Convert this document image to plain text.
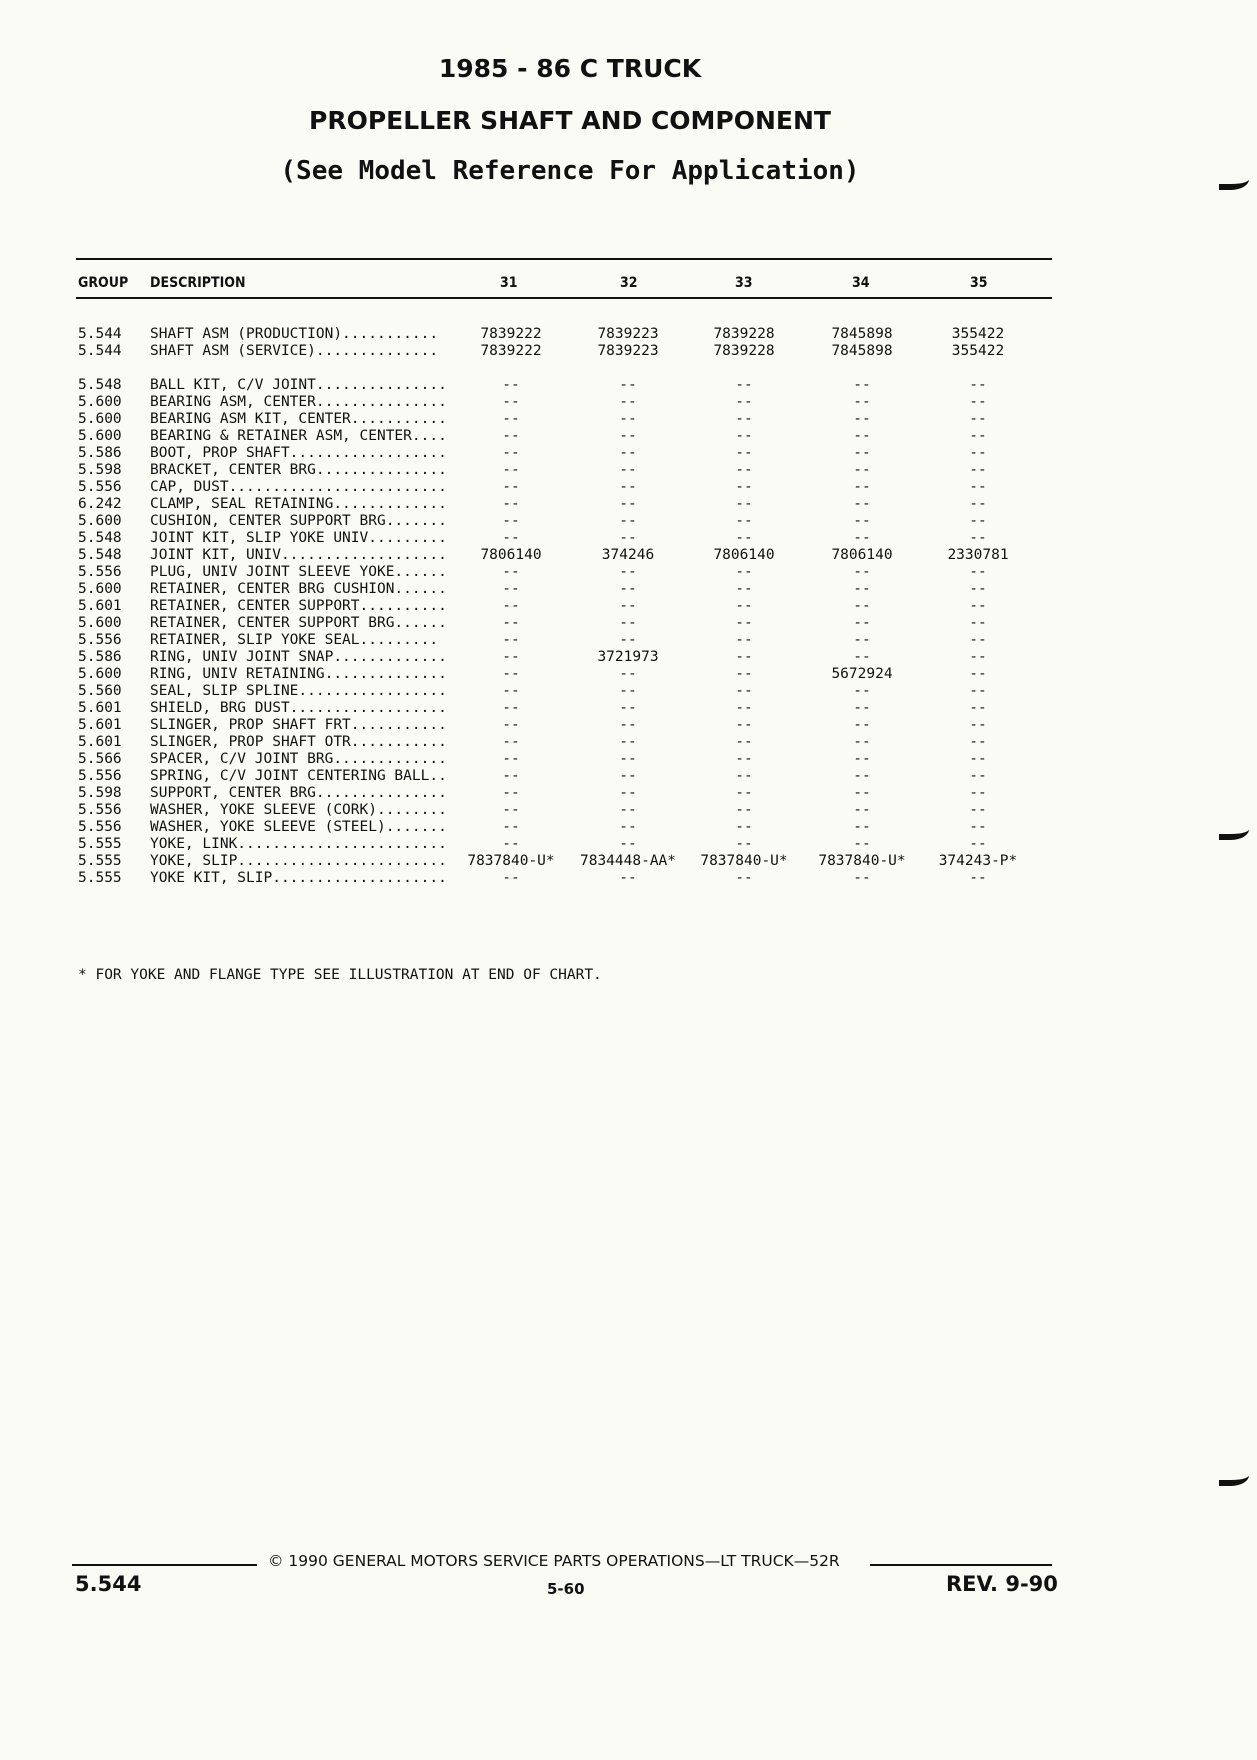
1985 - 86 C TRUCK
PROPELLER SHAFT AND COMPONENT
(See Model Reference For Application)
GROUP DESCRIPTION	31	32	33	34	35
5.544 SHAFT ASM (PRODUCTION)...........	7839222	7839223	7839228	7845898	355422
5.544 SHAFT ASM (SERVICE)..............	7839222	7839223	7839228	7845898	355422
5.548 BALL KIT, C/V JOINT...............	--	--	--	--	--
5.600 BEARING ASM, CENTER...............	--	--	--	--	--
5.600 BEARING ASM KIT, CENTER...........	--	--	--	--	--
5.600 BEARING & RETAINER ASM, CENTER....	--	--	--	--	--
5.586 BOOT, PROP SHAFT..................	--	--	--	--	--
5.598 BRACKET, CENTER BRG...............	--	--	--	--	--
5.556 CAP, DUST.........................	--	--	--	--	--
6.242 CLAMP, SEAL RETAINING.............	--	--	--	--	--
5.600 CUSHION, CENTER SUPPORT BRG.......	--	--	--	--	--
5.548 JOINT KIT, SLIP YOKE UNIV.........	--	--	--	--	--
5.548 JOINT KIT, UNIV...................	7806140	374246	7806140	7806140	2330781
5.556 PLUG, UNIV JOINT SLEEVE YOKE......	--	--	--	--	--
5.600 RETAINER, CENTER BRG CUSHION......	--	--	--	--	--
5.601 RETAINER, CENTER SUPPORT..........	--	--	--	--	--
5.600 RETAINER, CENTER SUPPORT BRG......	--	--	--	--	--
5.556 RETAINER, SLIP YOKE SEAL.........	--	--	--	--	--
5.586 RING, UNIV JOINT SNAP.............	--	3721973	--	--	--
5.600 RING, UNIV RETAINING..............	--	--	--	5672924	--
5.560 SEAL, SLIP SPLINE.................	--	--	--	--	--
5.601 SHIELD, BRG DUST..................	--	--	--	--	--
5.601 SLINGER, PROP SHAFT FRT...........	--	--	--	--	--
5.601 SLINGER, PROP SHAFT OTR...........	--	--	--	--	--
5.566 SPACER, C/V JOINT BRG.............	--	--	--	--	--
5.556 SPRING, C/V JOINT CENTERING BALL..	--	--	--	--	--
5.598 SUPPORT, CENTER BRG...............	--	--	--	--	--
5.556 WASHER, YOKE SLEEVE (CORK)........	--	--	--	--	--
5.556 WASHER, YOKE SLEEVE (STEEL).......	--	--	--	--	--
5.555 YOKE, LINK........................	--	--	--	--	--
5.555 YOKE, SLIP........................	7837840-U*	7834448-AA*	7837840-U*	7837840-U*	374243-P*
5.555 YOKE KIT, SLIP....................	--	--	--	--	--
* FOR YOKE AND FLANGE TYPE SEE ILLUSTRATION AT END OF CHART.
© 1990 GENERAL MOTORS SERVICE PARTS OPERATIONS—LT TRUCK—52R
5.544	5-60	REV. 9-90
